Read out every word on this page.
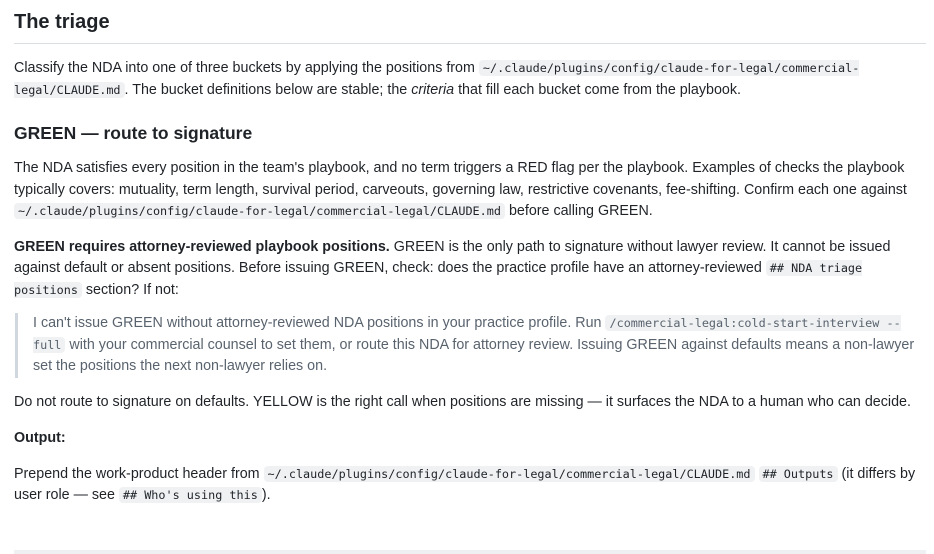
The triage

Classify the NDA into one of three buckets by applying the positions from ~/.claude/plugins/config/claude-for-legal/commercial-legal/CLAUDE.md . The bucket definitions below are stable; the criteria that fill each bucket come from the playbook.

GREEN — route to signature

The NDA satisfies every position in the team's playbook, and no term triggers a RED flag per the playbook. Examples of checks the playbook typically covers: mutuality, term length, survival period, carveouts, governing law, restrictive covenants, fee-shifting. Confirm each one against ~/.claude/plugins/config/claude-for-legal/commercial-legal/CLAUDE.md before calling GREEN.

GREEN requires attorney-reviewed playbook positions. GREEN is the only path to signature without lawyer review. It cannot be issued against default or absent positions. Before issuing GREEN, check: does the practice profile have an attorney-reviewed ## NDA triage positions section? If not:

I can't issue GREEN without attorney-reviewed NDA positions in your practice profile. Run /commercial-legal:cold-start-interview --full with your commercial counsel to set them, or route this NDA for attorney review. Issuing GREEN against defaults means a non-lawyer set the positions the next non-lawyer relies on.

Do not route to signature on defaults. YELLOW is the right call when positions are missing — it surfaces the NDA to a human who can decide.

Output:

Prepend the work-product header from ~/.claude/plugins/config/claude-for-legal/commercial-legal/CLAUDE.md ## Outputs (it differs by user role — see ## Who's using this ).
